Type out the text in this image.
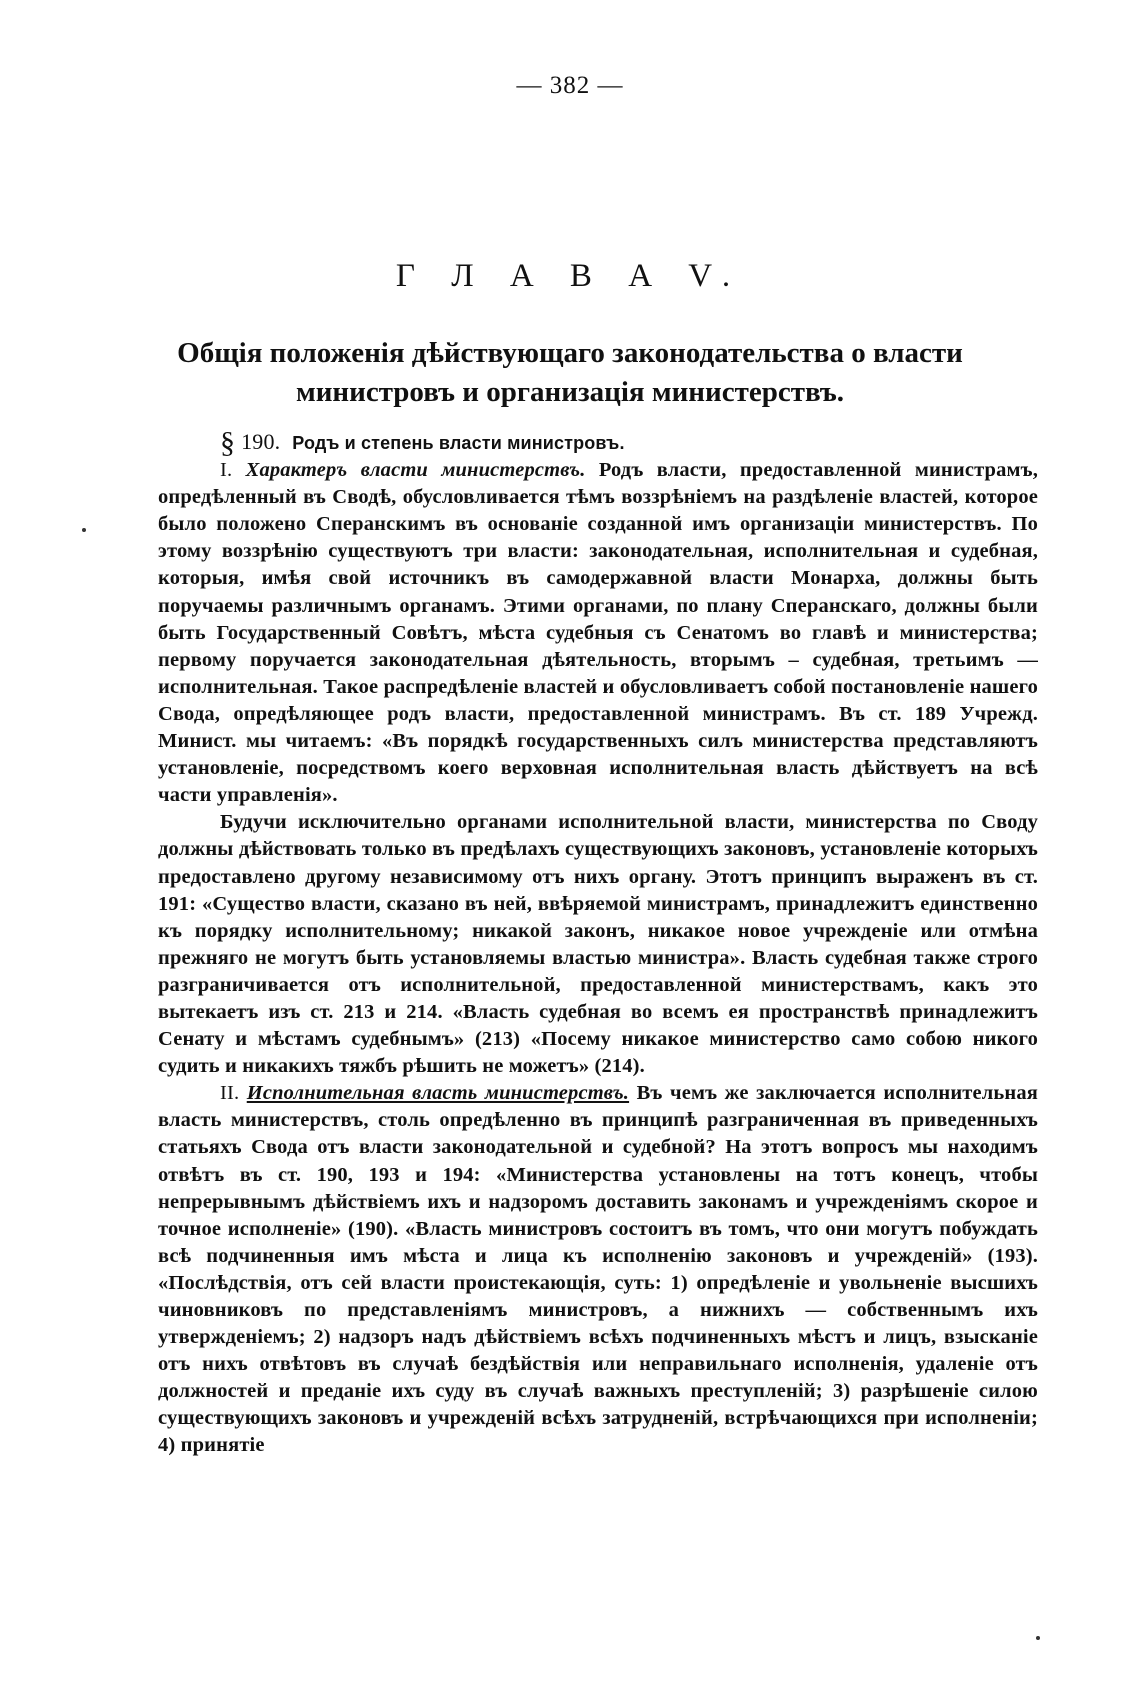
— 382 —
Г Л А В А V.
Общія положенія дѣйствующаго законодательства о власти министровъ и организація министерствъ.
§ 190. Родъ и степень власти министровъ.

I. Характеръ власти министерствъ. Родъ власти, предоставленной министрамъ, опредѣленный въ Сводѣ, обусловливается тѣмъ воззрѣніемъ на раздѣленіе властей, которое было положено Сперанскимъ въ основаніе созданной имъ организаціи министерствъ. По этому воззрѣнію существуютъ три власти: законодательная, исполнительная и судебная, которыя, имѣя свой источникъ въ самодержавной власти Монарха, должны быть поручаемы различнымъ органамъ. Этими органами, по плану Сперанскаго, должны были быть Государственный Совѣтъ, мѣста судебныя съ Сенатомъ во главѣ и министерства; первому поручается законодательная дѣятельность, вторымъ – судебная, третьимъ — исполнительная. Такое распредѣленіе властей и обусловливаетъ собой постановленіе нашего Свода, опредѣляющее родъ власти, предоставленной министрамъ. Въ ст. 189 Учрежд. Минист. мы читаемъ: «Въ порядкѣ государственныхъ силъ министерства представляютъ установленіе, посредствомъ коего верховная исполнительная власть дѣйствуетъ на всѣ части управленія».

Будучи исключительно органами исполнительной власти, министерства по Своду должны дѣйствовать только въ предѣлахъ существующихъ законовъ, установленіе которыхъ предоставлено другому независимому отъ нихъ органу. Этотъ принципъ выраженъ въ ст. 191: «Существо власти, сказано въ ней, ввѣряемой министрамъ, принадлежитъ единственно къ порядку исполнительному; никакой законъ, никакое новое учрежденіе или отмѣна прежняго не могутъ быть установляемы властью министра». Власть судебная также строго разграничивается отъ исполнительной, предоставленной министерствамъ, какъ это вытекаетъ изъ ст. 213 и 214. «Власть судебная во всемъ ея пространствѣ принадлежитъ Сенату и мѣстамъ судебнымъ» (213) «Посему никакое министерство само собою никого судить и никакихъ тяжбъ рѣшить не можетъ» (214).

II. Исполнительная власть министерствъ. Въ чемъ же заключается исполнительная власть министерствъ, столь опредѣленно въ принципѣ разграниченная въ приведенныхъ статьяхъ Свода отъ власти законодательной и судебной? На этотъ вопросъ мы находимъ отвѣтъ въ ст. 190, 193 и 194: «Министерства установлены на тотъ конецъ, чтобы непрерывнымъ дѣйствіемъ ихъ и надзоромъ доставить законамъ и учрежденіямъ скорое и точное исполненіе» (190). «Власть министровъ состоитъ въ томъ, что они могутъ побуждать всѣ подчиненныя имъ мѣста и лица къ исполненію законовъ и учрежденій» (193). «Послѣдствія, отъ сей власти проистекающія, суть: 1) опредѣленіе и увольненіе высшихъ чиновниковъ по представленіямъ министровъ, а нижнихъ — собственнымъ ихъ утвержденіемъ; 2) надзоръ надъ дѣйствіемъ всѣхъ подчиненныхъ мѣстъ и лицъ, взысканіе отъ нихъ отвѣтовъ въ случаѣ бездѣйствія или неправильнаго исполненія, удаленіе отъ должностей и преданіе ихъ суду въ случаѣ важныхъ преступленій; 3) разрѣшеніе силою существующихъ законовъ и учрежденій всѣхъ затрудненій, встрѣчающихся при исполненіи; 4) принятіе
